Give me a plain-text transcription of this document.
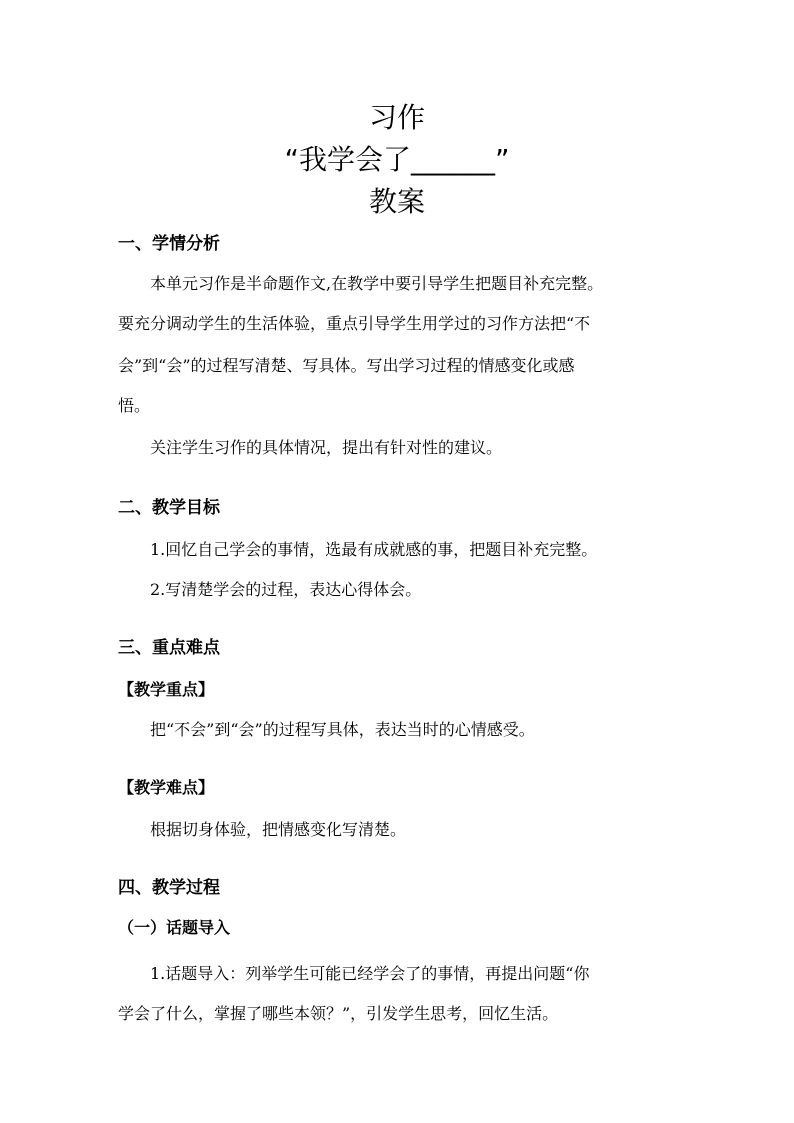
习作
“我学会了______”
教案
一、学情分析
本单元习作是半命题作文,在教学中要引导学生把题目补充完整。
要充分调动学生的生活体验，重点引导学生用学过的习作方法把“不
会”到“会”的过程写清楚、写具体。写出学习过程的情感变化或感
悟。
关注学生习作的具体情况，提出有针对性的建议。
二、教学目标
1.回忆自己学会的事情，选最有成就感的事，把题目补充完整。
2.写清楚学会的过程，表达心得体会。
三、重点难点
【教学重点】
把“不会”到“会”的过程写具体，表达当时的心情感受。
【教学难点】
根据切身体验，把情感变化写清楚。
四、教学过程
（一）话题导入
1.话题导入：列举学生可能已经学会了的事情，再提出问题“你
学会了什么，掌握了哪些本领？”，引发学生思考，回忆生活。
